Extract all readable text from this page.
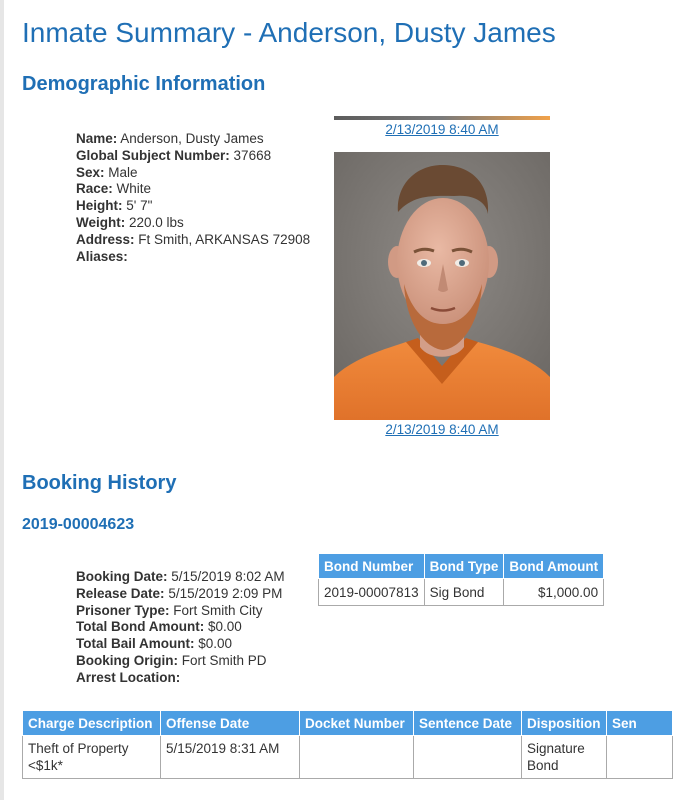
Inmate Summary - Anderson, Dusty James
Demographic Information
Name: Anderson, Dusty James
Global Subject Number: 37668
Sex: Male
Race: White
Height: 5' 7"
Weight: 220.0 lbs
Address: Ft Smith, ARKANSAS 72908
Aliases:
2/13/2019 8:40 AM
2/13/2019 8:40 AM
Booking History
2019-00004623
Booking Date: 5/15/2019 8:02 AM
Release Date: 5/15/2019 2:09 PM
Prisoner Type: Fort Smith City
Total Bond Amount: $0.00
Total Bail Amount: $0.00
Booking Origin: Fort Smith PD
Arrest Location:
Bond Number	Bond Type	Bond Amount
2019-00007813	Sig Bond	$1,000.00
Charge Description	Offense Date	Docket Number	Sentence Date	Disposition	Sen
Theft of Property <$1k*	5/15/2019 8:31 AM			Signature Bond	
